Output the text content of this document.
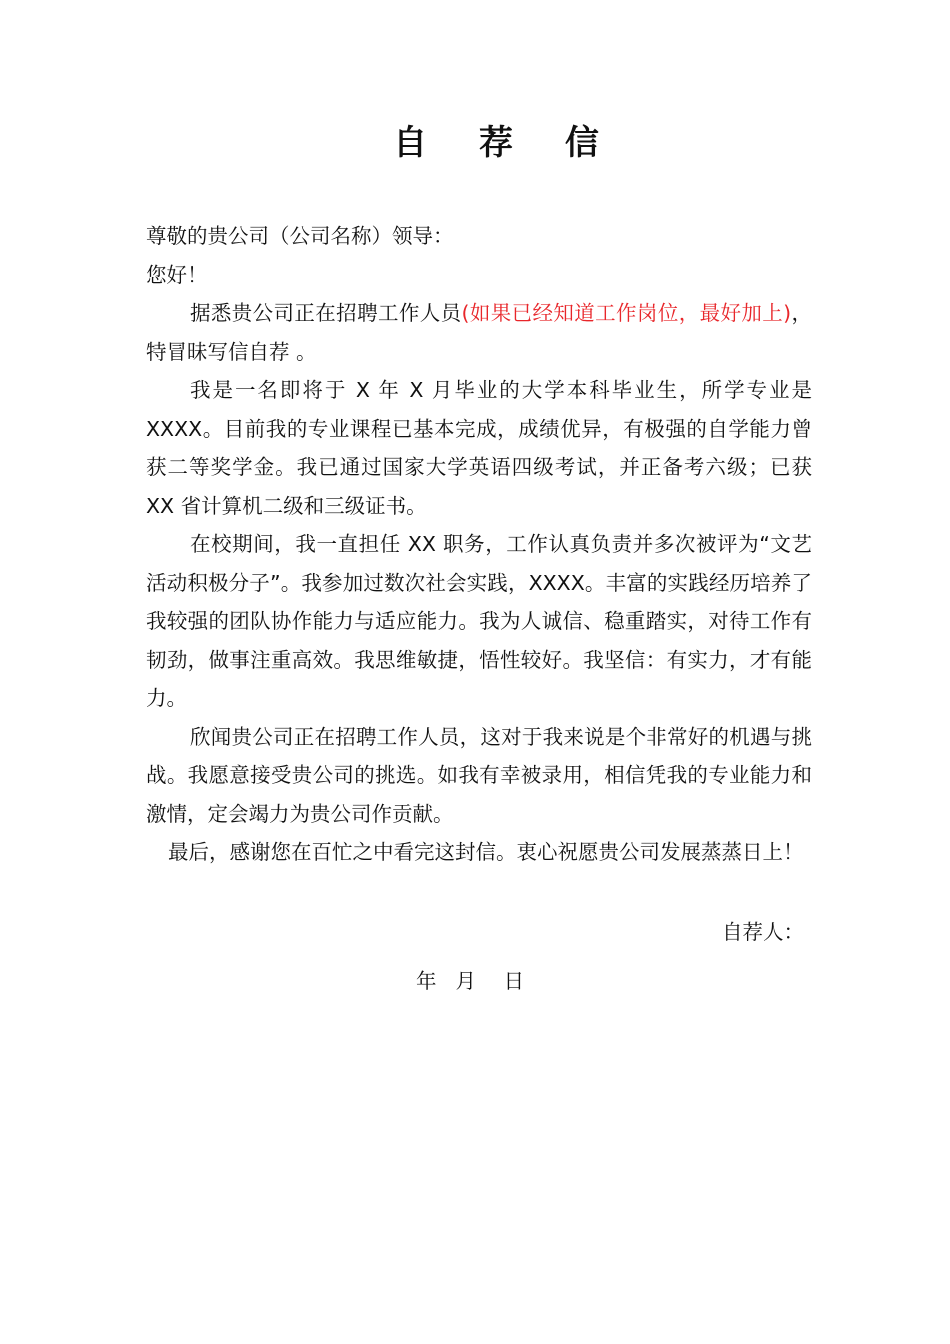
自 荐 信

尊敬的贵公司（公司名称）领导：

您好！

据悉贵公司正在招聘工作人员(如果已经知道工作岗位，最好加上)，特冒昧写信自荐 。

我是一名即将于 X 年 X 月毕业的大学本科毕业生，所学专业是 XXXX。目前我的专业课程已基本完成，成绩优异，有极强的自学能力曾获二等奖学金。我已通过国家大学英语四级考试，并正备考六级；已获 XX 省计算机二级和三级证书。

在校期间，我一直担任 XX 职务，工作认真负责并多次被评为“文艺活动积极分子”。我参加过数次社会实践，XXXX。丰富的实践经历培养了我较强的团队协作能力与适应能力。我为人诚信、稳重踏实，对待工作有韧劲，做事注重高效。我思维敏捷，悟性较好。我坚信：有实力，才有能力。

欣闻贵公司正在招聘工作人员，这对于我来说是个非常好的机遇与挑战。我愿意接受贵公司的挑选。如我有幸被录用，相信凭我的专业能力和激情，定会竭力为贵公司作贡献。

最后，感谢您在百忙之中看完这封信。衷心祝愿贵公司发展蒸蒸日上！

自荐人：
年  月   日
